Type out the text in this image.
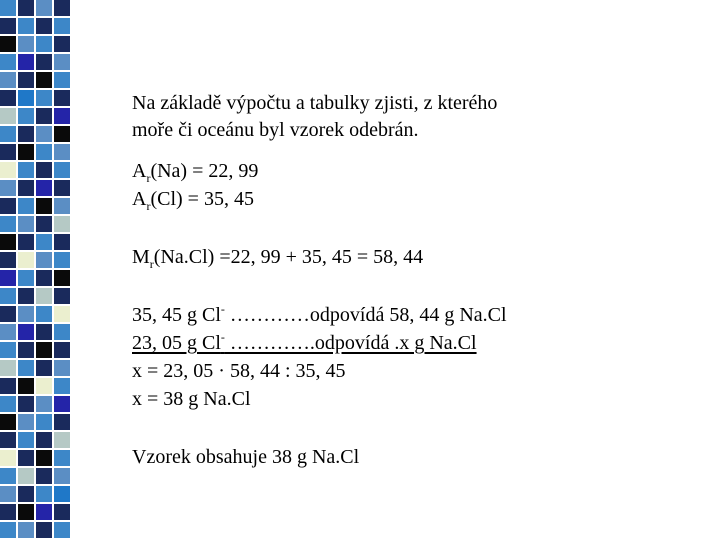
Na základě výpočtu a tabulky zjisti, z kterého
moře či oceánu byl vzorek odebrán.
$A_r(Na) = 22$, 99
$A_r(Cl) = 35$, 45
$M_r(Na.Cl) =22$, 99 + 35, 45 = 58, 44
35, 45 g Cl- …………odpovídá 58, 44 g Na.Cl
23, 05 g Cl- ………….odpovídá .x g Na.Cl
x = 23, 05 · 58, 44 : 35, 45
x = 38 g Na.Cl
Vzorek obsahuje 38 g Na.Cl
